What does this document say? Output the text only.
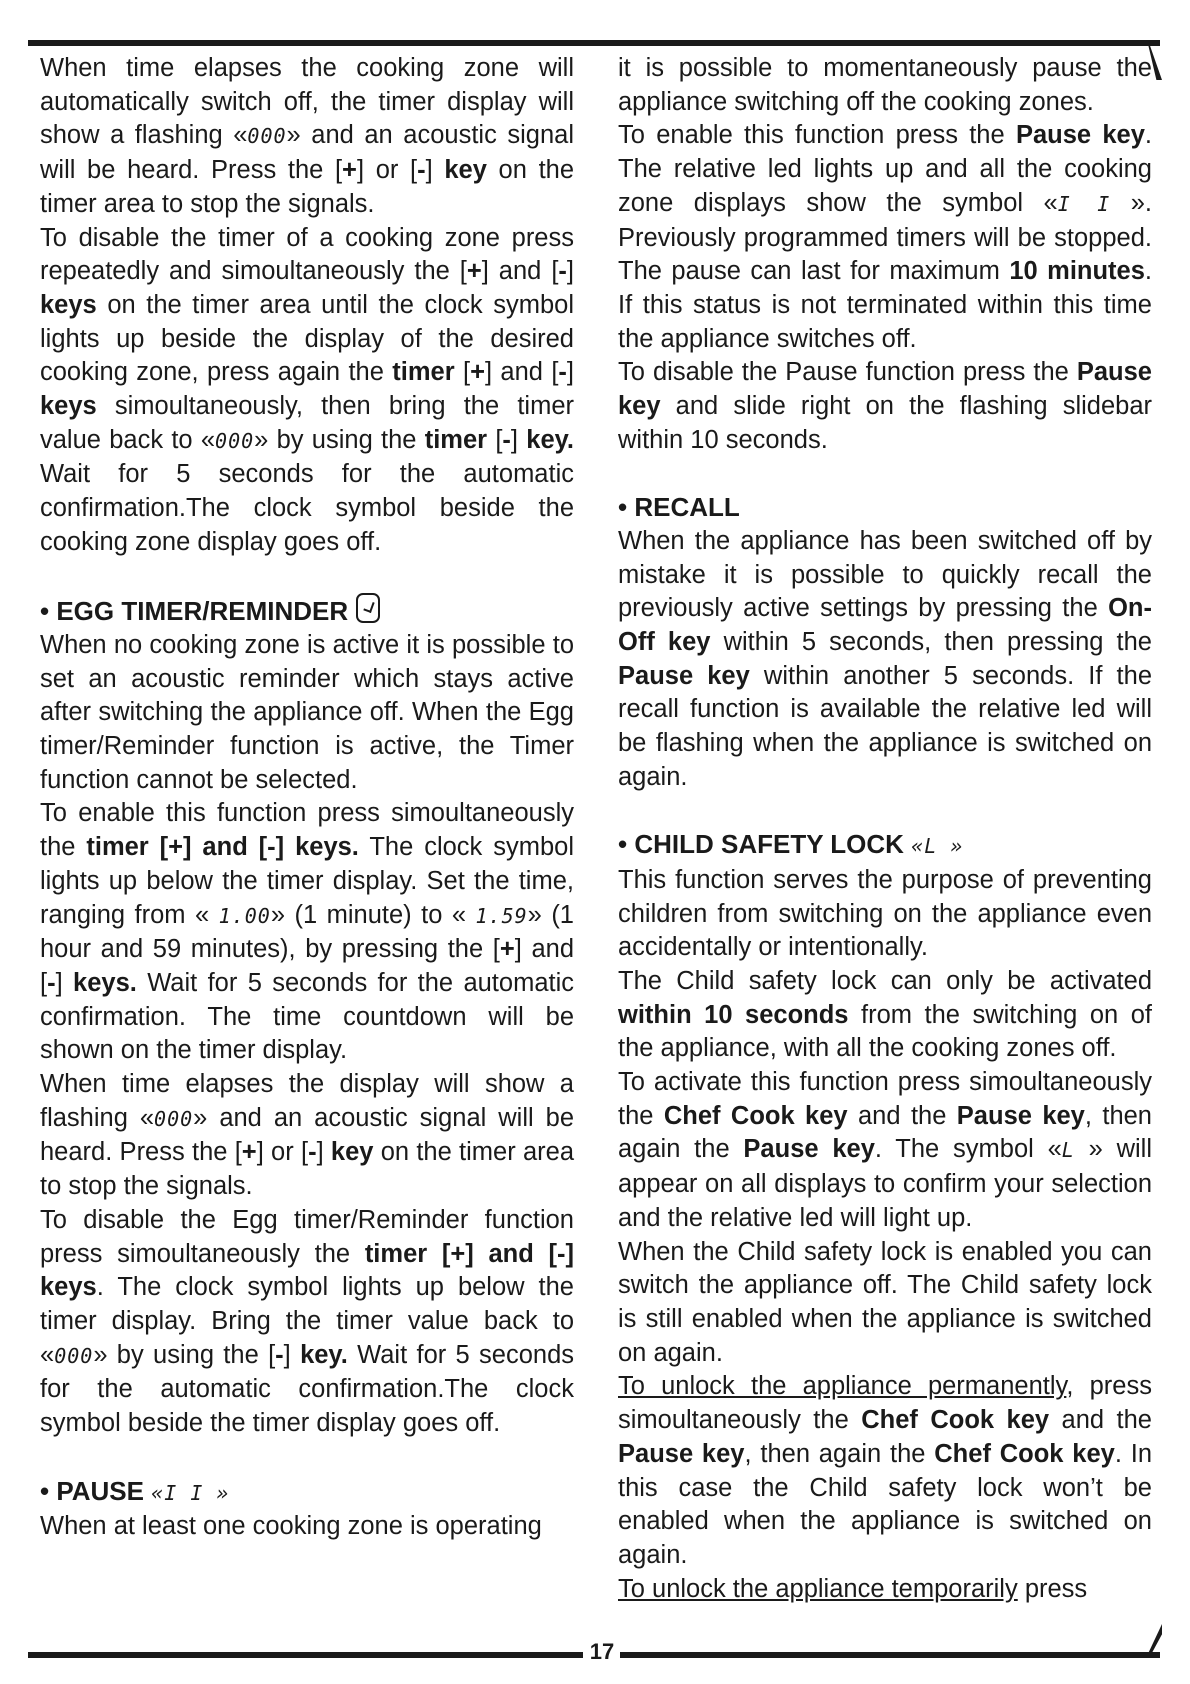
When time elapses the cooking zone will automatically switch off, the timer display will show a flashing «000» and an acoustic signal will be heard. Press the [+] or [-] key on the timer area to stop the signals.

To disable the timer of a cooking zone press repeatedly and simoultaneously the [+] and [-] keys on the timer area until the clock symbol lights up beside the display of the desired cooking zone, press again the timer [+] and [-] keys simoultaneously, then bring the timer value back to «000» by using the timer [-] key. Wait for 5 seconds for the automatic confirmation.The clock symbol beside the cooking zone display goes off.

• EGG TIMER/REMINDER

When no cooking zone is active it is possible to set an acoustic reminder which stays active after switching the appliance off. When the Egg timer/Reminder function is active, the Timer function cannot be selected.

To enable this function press simoultaneously the timer [+] and [-] keys. The clock symbol lights up below the timer display. Set the time, ranging from « 1.00» (1 minute) to « 1.59» (1 hour and 59 minutes), by pressing the [+] and [-] keys. Wait for 5 seconds for the automatic confirmation. The time countdown will be shown on the timer display.

When time elapses the display will show a flashing «000» and an acoustic signal will be heard. Press the [+] or [-] key on the timer area to stop the signals.

To disable the Egg timer/Reminder function press simoultaneously the timer [+] and [-] keys. The clock symbol lights up below the timer display. Bring the timer value back to «000» by using the [-] key. Wait for 5 seconds for the automatic confirmation.The clock symbol beside the timer display goes off.

• PAUSE «I I »

When at least one cooking zone is operating

it is possible to momentaneously pause the appliance switching off the cooking zones.

To enable this function press the Pause key. The relative led lights up and all the cooking zone displays show the symbol «I I ». Previously programmed timers will be stopped. The pause can last for maximum 10 minutes. If this status is not terminated within this time the appliance switches off.

To disable the Pause function press the Pause key and slide right on the flashing slidebar within 10 seconds.

• RECALL

When the appliance has been switched off by mistake it is possible to quickly recall the previously active settings by pressing the On-Off key within 5 seconds, then pressing the Pause key within another 5 seconds. If the recall function is available the relative led will be flashing when the appliance is switched on again.

• CHILD SAFETY LOCK «L »

This function serves the purpose of preventing children from switching on the appliance even accidentally or intentionally.

The Child safety lock can only be activated within 10 seconds from the switching on of the appliance, with all the cooking zones off.

To activate this function press simoultaneously the Chef Cook key and the Pause key, then again the Pause key. The symbol «L » will appear on all displays to confirm your selection and the relative led will light up.

When the Child safety lock is enabled you can switch the appliance off. The Child safety lock is still enabled when the appliance is switched on again.

To unlock the appliance permanently, press simoultaneously the Chef Cook key and the Pause key, then again the Chef Cook key. In this case the Child safety lock won’t be enabled when the appliance is switched on again.

To unlock the appliance temporarily press

17
